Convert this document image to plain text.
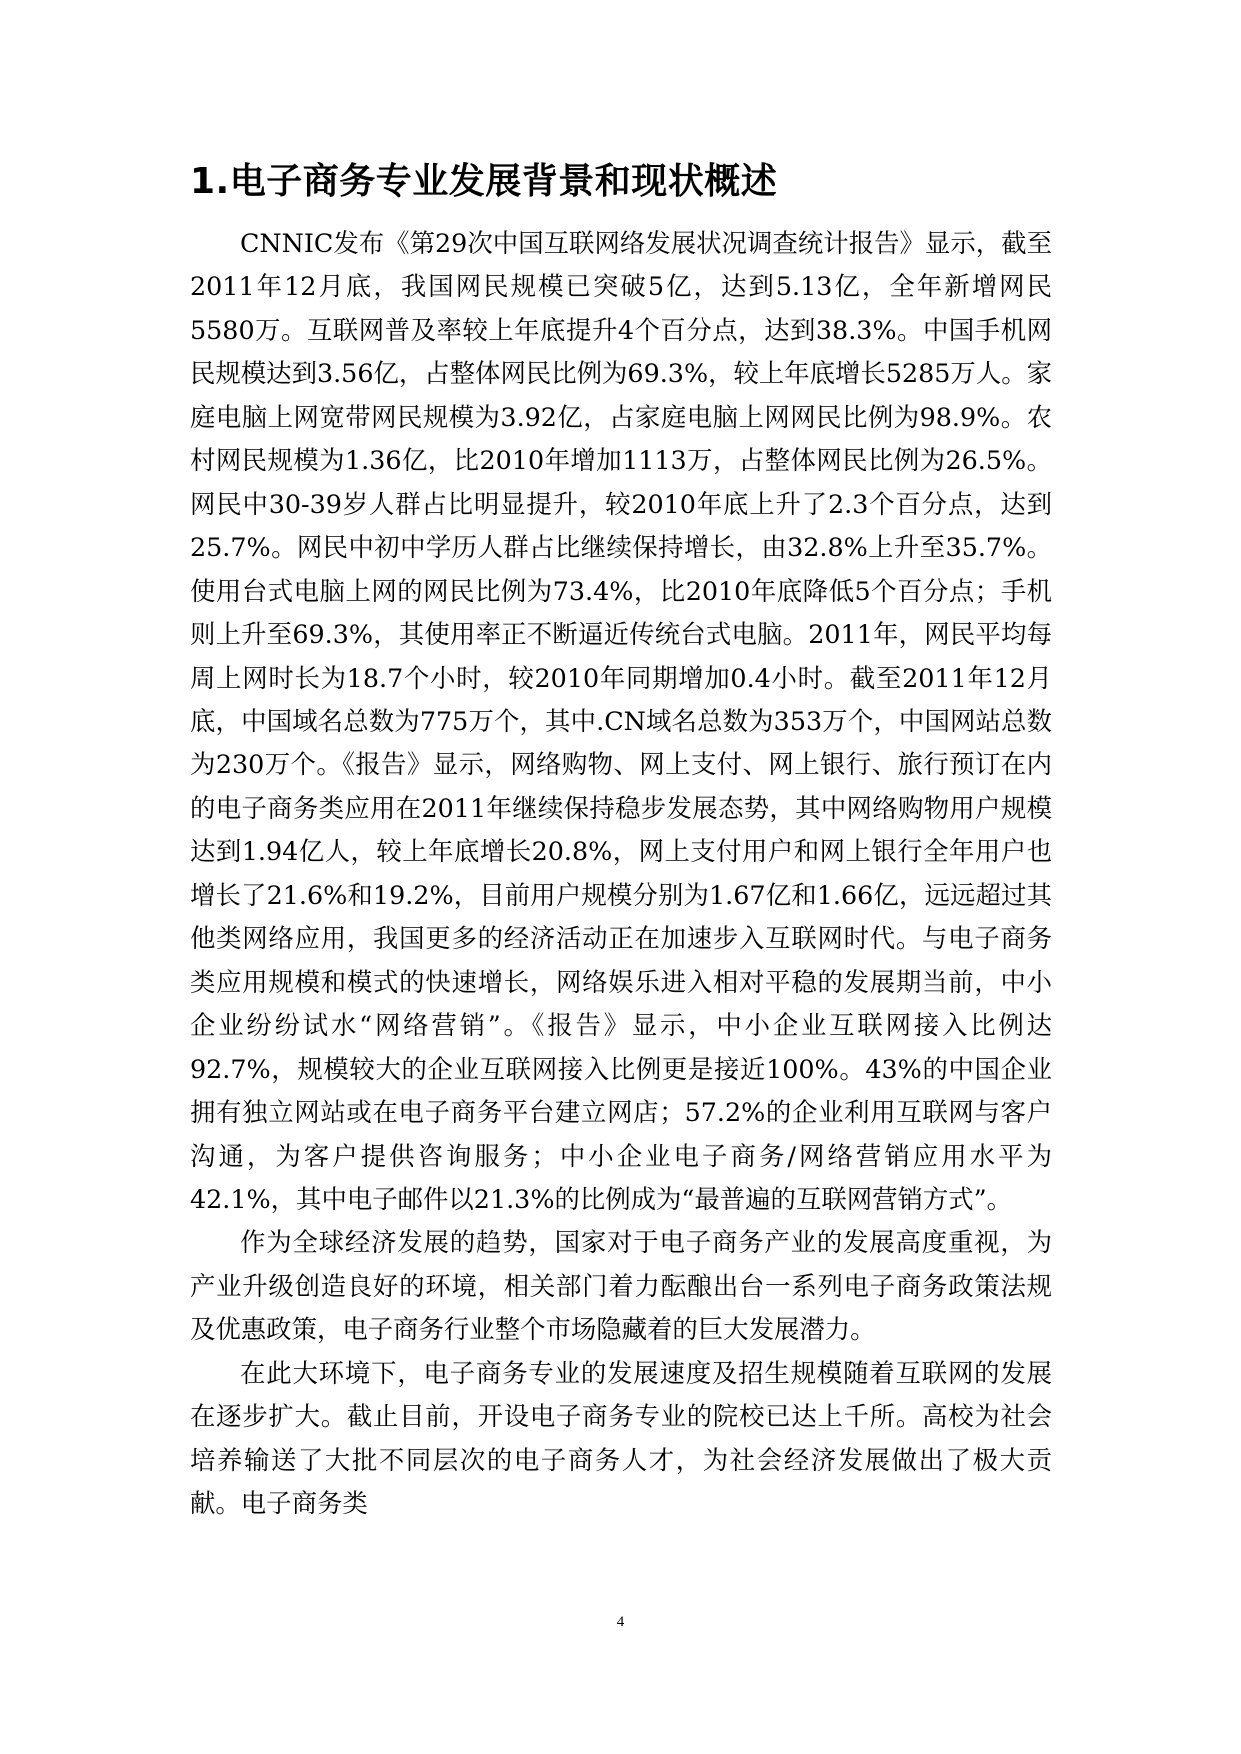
1.电子商务专业发展背景和现状概述

CNNIC发布《第29次中国互联网络发展状况调查统计报告》显示，截至2011年12月底，我国网民规模已突破5亿，达到5.13亿，全年新增网民5580万。互联网普及率较上年底提升4个百分点，达到38.3%。中国手机网民规模达到3.56亿，占整体网民比例为69.3%，较上年底增长5285万人。家庭电脑上网宽带网民规模为3.92亿，占家庭电脑上网网民比例为98.9%。农村网民规模为1.36亿，比2010年增加1113万，占整体网民比例为26.5%。网民中30-39岁人群占比明显提升，较2010年底上升了2.3个百分点，达到25.7%。网民中初中学历人群占比继续保持增长，由32.8%上升至35.7%。使用台式电脑上网的网民比例为73.4%，比2010年底降低5个百分点；手机则上升至69.3%，其使用率正不断逼近传统台式电脑。2011年，网民平均每周上网时长为18.7个小时，较2010年同期增加0.4小时。截至2011年12月底，中国域名总数为775万个，其中.CN域名总数为353万个，中国网站总数为230万个。《报告》显示，网络购物、网上支付、网上银行、旅行预订在内的电子商务类应用在2011年继续保持稳步发展态势，其中网络购物用户规模达到1.94亿人，较上年底增长20.8%，网上支付用户和网上银行全年用户也增长了21.6%和19.2%，目前用户规模分别为1.67亿和1.66亿，远远超过其他类网络应用，我国更多的经济活动正在加速步入互联网时代。与电子商务类应用规模和模式的快速增长，网络娱乐进入相对平稳的发展期当前，中小企业纷纷试水“网络营销”。《报告》显示，中小企业互联网接入比例达92.7%，规模较大的企业互联网接入比例更是接近100%。43%的中国企业拥有独立网站或在电子商务平台建立网店；57.2%的企业利用互联网与客户沟通，为客户提供咨询服务；中小企业电子商务/网络营销应用水平为42.1%，其中电子邮件以21.3%的比例成为“最普遍的互联网营销方式”。

作为全球经济发展的趋势，国家对于电子商务产业的发展高度重视，为产业升级创造良好的环境，相关部门着力酝酿出台一系列电子商务政策法规及优惠政策，电子商务行业整个市场隐藏着的巨大发展潜力。

在此大环境下，电子商务专业的发展速度及招生规模随着互联网的发展在逐步扩大。截止目前，开设电子商务专业的院校已达上千所。高校为社会培养输送了大批不同层次的电子商务人才，为社会经济发展做出了极大贡献。电子商务类

4
